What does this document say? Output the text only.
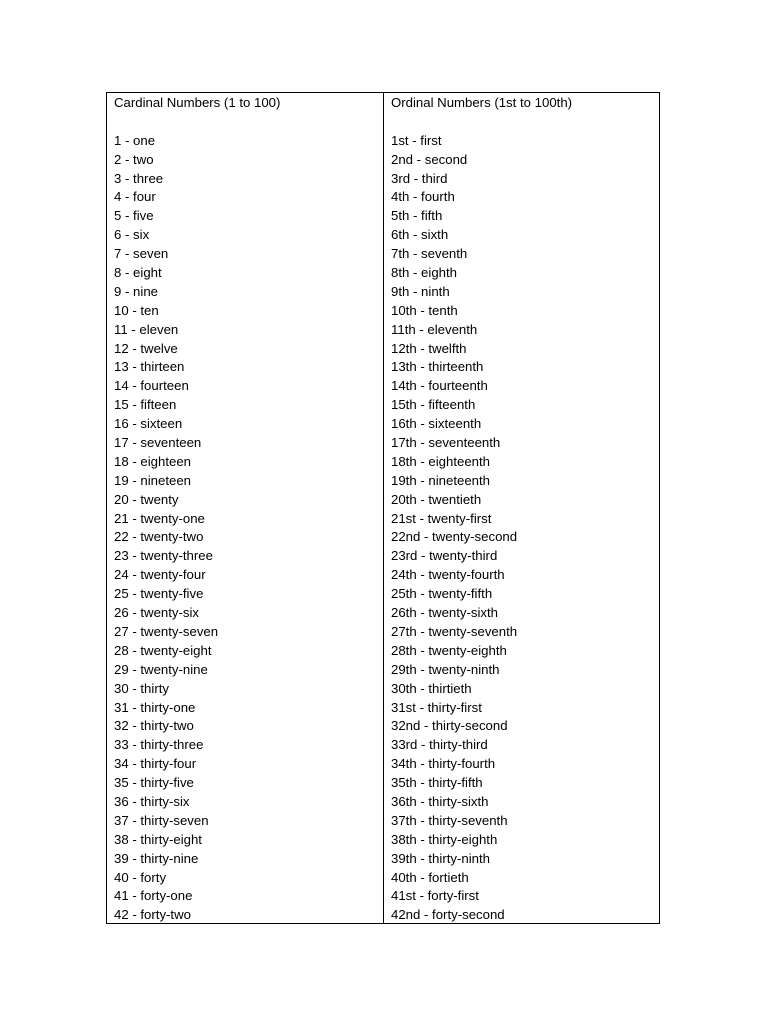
Cardinal Numbers (1 to 100)
1 - one
2 - two
3 - three
4 - four
5 - five
6 - six
7 - seven
8 - eight
9 - nine
10 - ten
11 - eleven
12 - twelve
13 - thirteen
14 - fourteen
15 - fifteen
16 - sixteen
17 - seventeen
18 - eighteen
19 - nineteen
20 - twenty
21 - twenty-one
22 - twenty-two
23 - twenty-three
24 - twenty-four
25 - twenty-five
26 - twenty-six
27 - twenty-seven
28 - twenty-eight
29 - twenty-nine
30 - thirty
31 - thirty-one
32 - thirty-two
33 - thirty-three
34 - thirty-four
35 - thirty-five
36 - thirty-six
37 - thirty-seven
38 - thirty-eight
39 - thirty-nine
40 - forty
41 - forty-one
42 - forty-two
Ordinal Numbers (1st to 100th)
1st - first
2nd - second
3rd - third
4th - fourth
5th - fifth
6th - sixth
7th - seventh
8th - eighth
9th - ninth
10th - tenth
11th - eleventh
12th - twelfth
13th - thirteenth
14th - fourteenth
15th - fifteenth
16th - sixteenth
17th - seventeenth
18th - eighteenth
19th - nineteenth
20th - twentieth
21st - twenty-first
22nd - twenty-second
23rd - twenty-third
24th - twenty-fourth
25th - twenty-fifth
26th - twenty-sixth
27th - twenty-seventh
28th - twenty-eighth
29th - twenty-ninth
30th - thirtieth
31st - thirty-first
32nd - thirty-second
33rd - thirty-third
34th - thirty-fourth
35th - thirty-fifth
36th - thirty-sixth
37th - thirty-seventh
38th - thirty-eighth
39th - thirty-ninth
40th - fortieth
41st - forty-first
42nd - forty-second
